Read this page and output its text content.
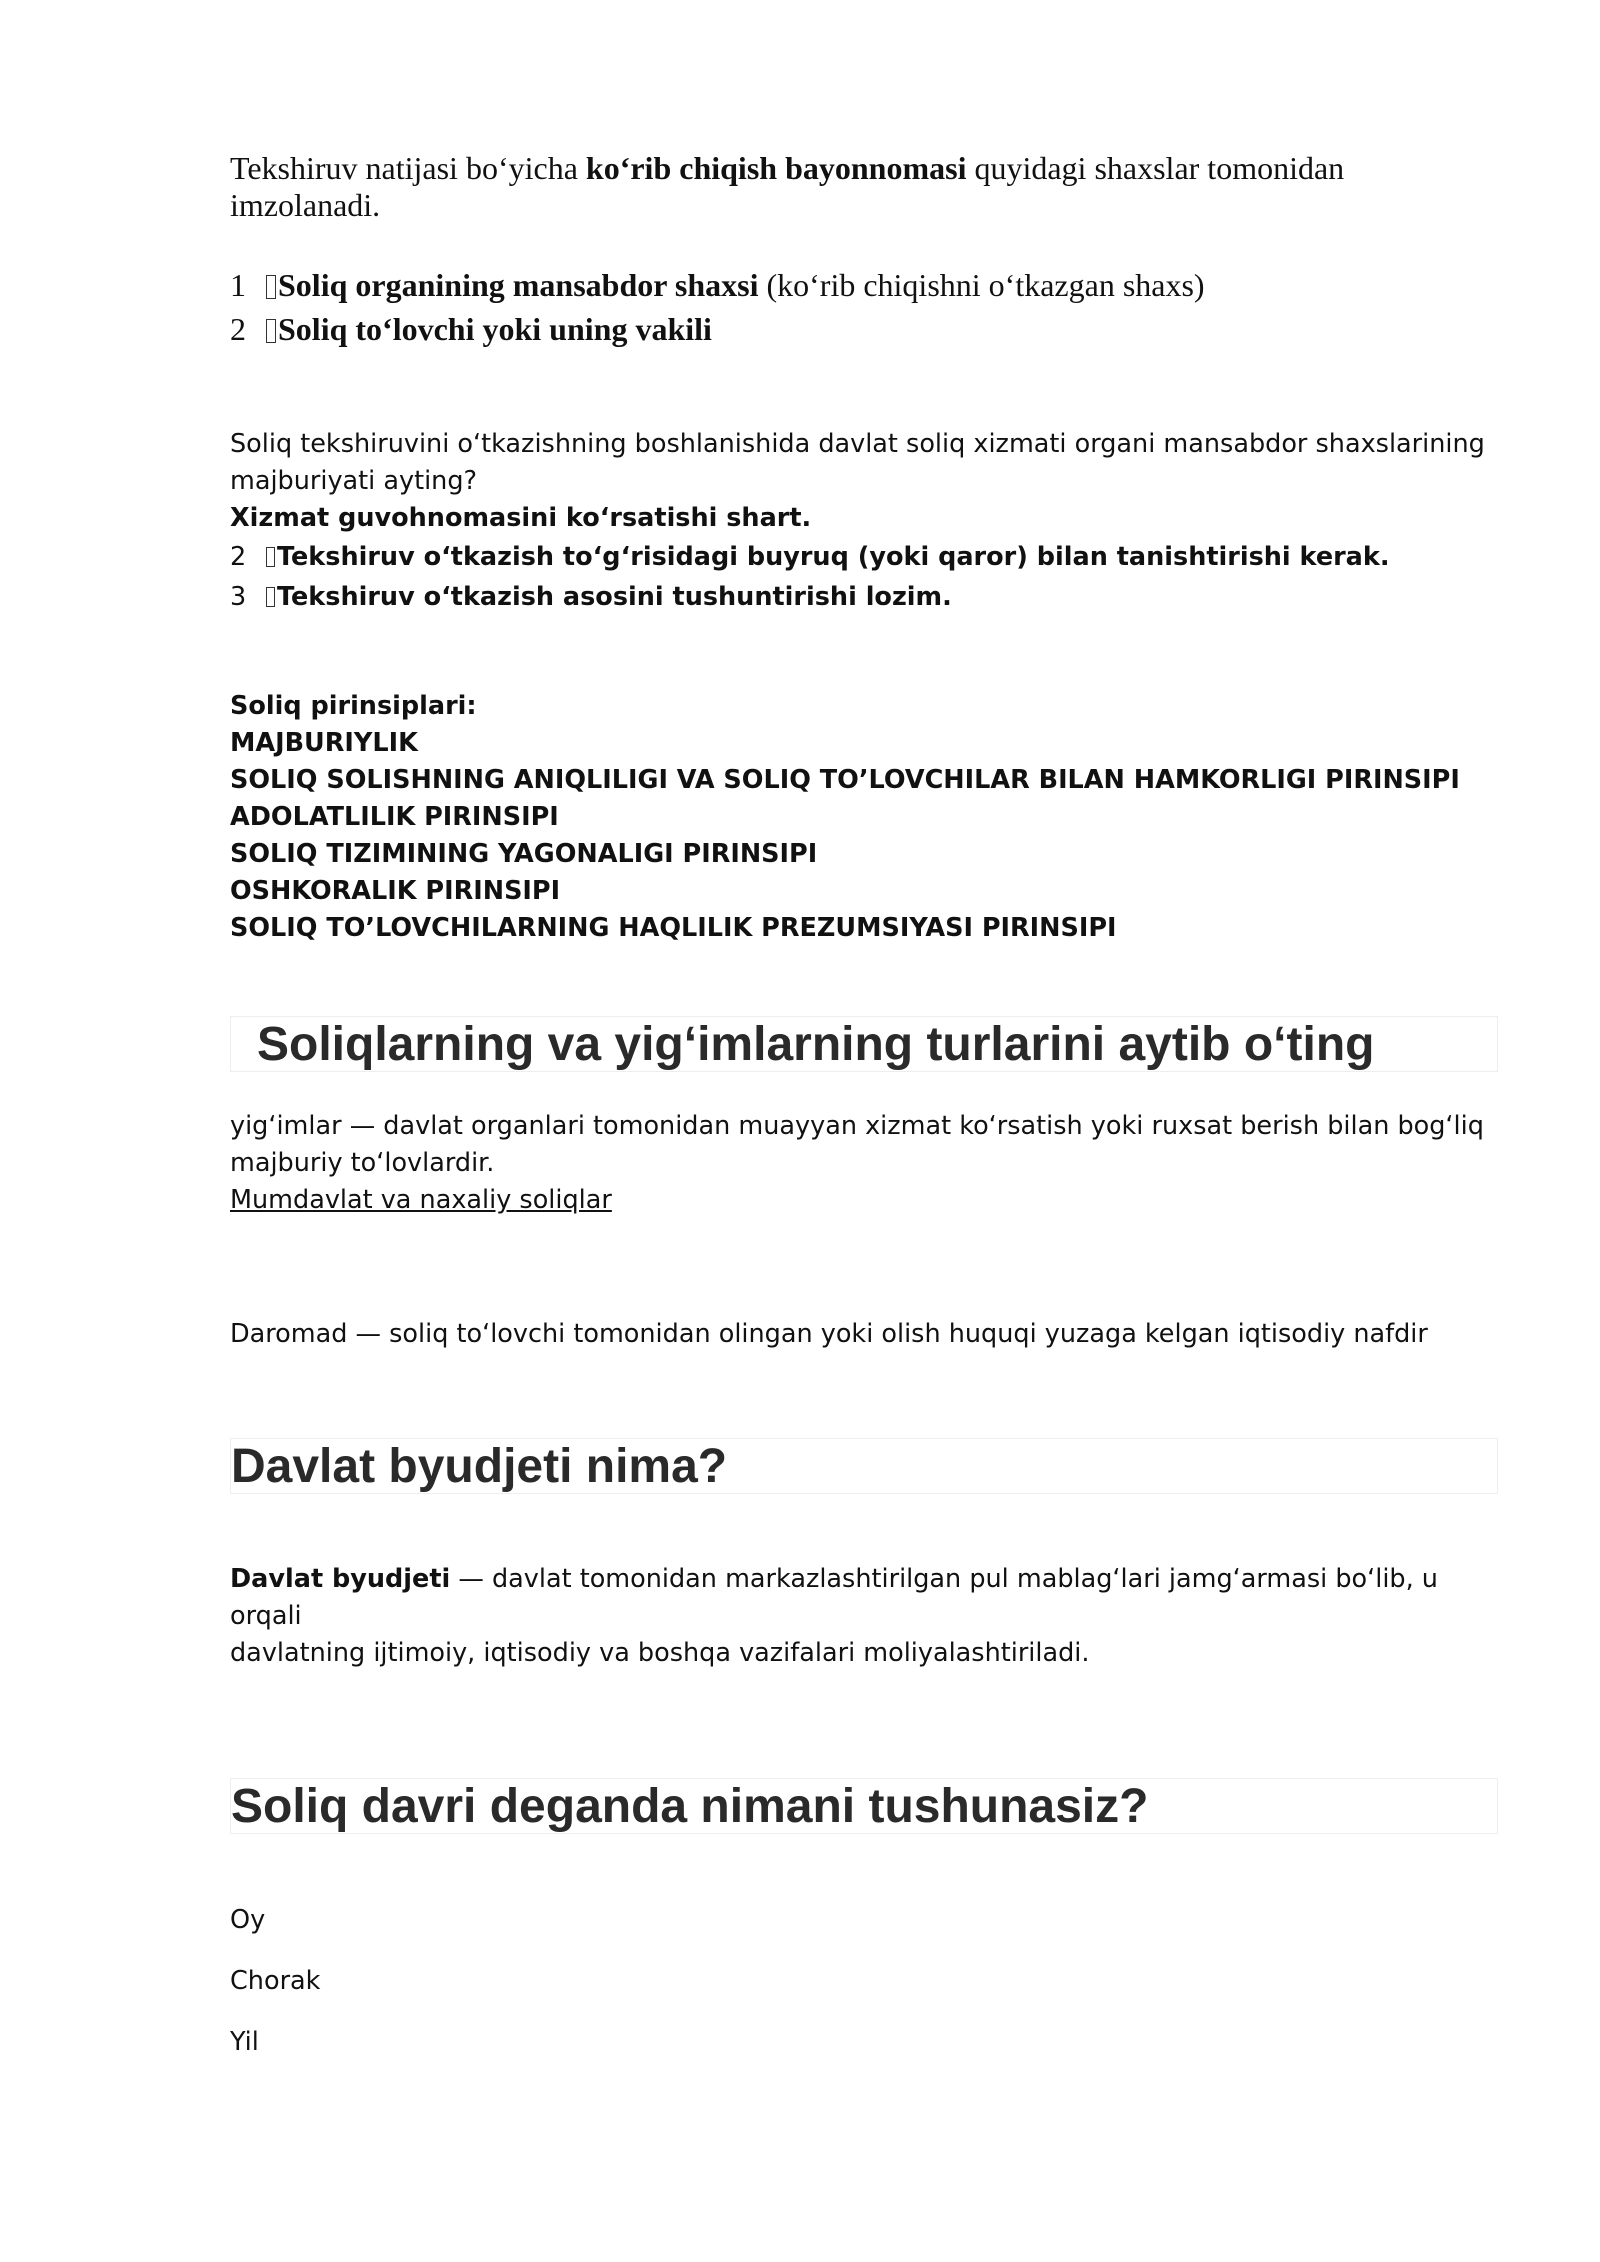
Tekshiruv natijasi bo‘yicha ko‘rib chiqish bayonnomasi quyidagi shaxslar tomonidan
imzolanadi.
1 Soliq organining mansabdor shaxsi (ko‘rib chiqishni o‘tkazgan shaxs)
2 Soliq to‘lovchi yoki uning vakili
Soliq tekshiruvini o‘tkazishning boshlanishida davlat soliq xizmati organi mansabdor shaxslarining
majburiyati ayting?
Xizmat guvohnomasini ko‘rsatishi shart.
2 Tekshiruv o‘tkazish to‘g‘risidagi buyruq (yoki qaror) bilan tanishtirishi kerak.
3 Tekshiruv o‘tkazish asosini tushuntirishi lozim.
Soliq pirinsiplari:
MAJBURIYLIK
SOLIQ SOLISHNING ANIQLILIGI VA SOLIQ TO’LOVCHILAR BILAN HAMKORLIGI PIRINSIPI
ADOLATLILIK PIRINSIPI
SOLIQ TIZIMINING YAGONALIGI PIRINSIPI
OSHKORALIK PIRINSIPI
SOLIQ TO’LOVCHILARNING HAQLILIK PREZUMSIYASI PIRINSIPI
Soliqlarning va yig‘imlarning turlarini aytib o‘ting
yig‘imlar — davlat organlari tomonidan muayyan xizmat ko‘rsatish yoki ruxsat berish bilan bog‘liq
majburiy to‘lovlardir.
Mumdavlat va naxaliy soliqlar
Daromad — soliq to‘lovchi tomonidan olingan yoki olish huquqi yuzaga kelgan iqtisodiy nafdir
Davlat byudjeti nima?
Davlat byudjeti — davlat tomonidan markazlashtirilgan pul mablag‘lari jamg‘armasi bo‘lib, u orqali
davlatning ijtimoiy, iqtisodiy va boshqa vazifalari moliyalashtiriladi.
Soliq davri deganda nimani tushunasiz?
Oy
Chorak
Yil
